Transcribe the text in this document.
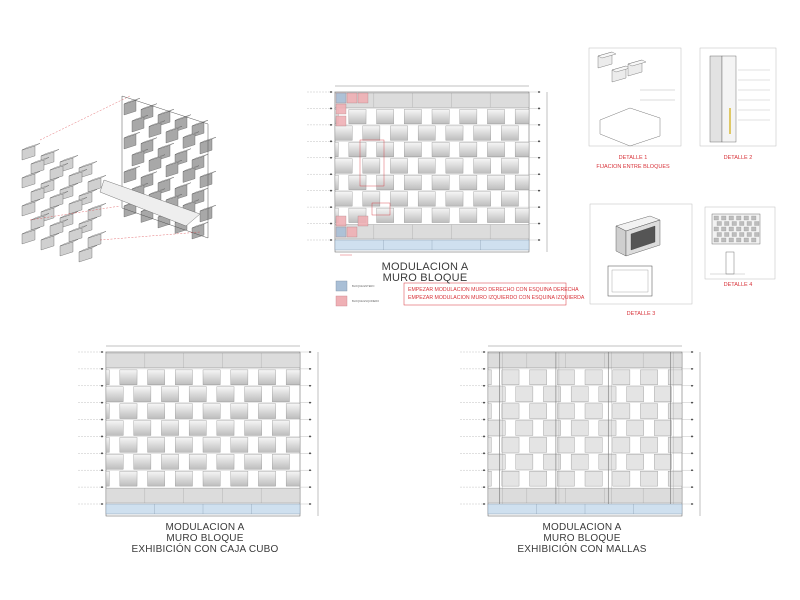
BLOQUE ENTERO
BLOQUE ESQUINERO
EMPEZAR MODULACION MURO DERECHO CON ESQUINA DERECHA
EMPEZAR MODULACION MURO IZQUIERDO CON ESQUINA IZQUIERDA
MODULACION A
MURO BLOQUE
MODULACION A
MURO BLOQUE
EXHIBICIÓN CON CAJA CUBO
MODULACION A
MURO BLOQUE
EXHIBICIÓN CON MALLAS
DETALLE 1
FIJACION ENTRE BLOQUES
DETALLE 2
DETALLE 3
DETALLE 4
